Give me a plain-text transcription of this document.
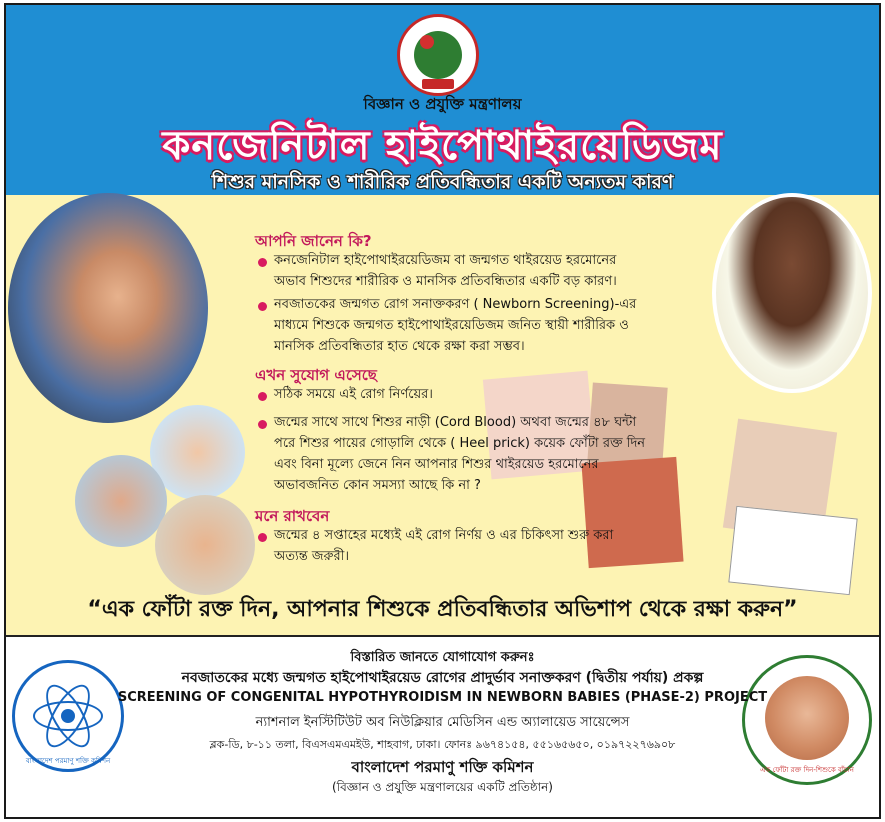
বিজ্ঞান ও প্রযুক্তি মন্ত্রণালয়
কনজেনিটাল হাইপোথাইরয়েডিজম
শিশুর মানসিক ও শারীরিক প্রতিবন্ধিতার একটি অন্যতম কারণ
আপনি জানেন কি?
কনজেনিটাল হাইপোথাইরয়েডিজম বা জন্মগত থাইরয়েড হরমোনের
অভাব শিশুদের শারীরিক ও মানসিক প্রতিবন্ধিতার একটি বড় কারণ।
নবজাতকের জন্মগত রোগ সনাক্তকরণ ( Newborn Screening)-এর
মাধ্যমে শিশুকে জন্মগত হাইপোথাইরয়েডিজম জনিত স্থায়ী শারীরিক ও
মানসিক প্রতিবন্ধিতার হাত থেকে রক্ষা করা সম্ভব।
এখন সুযোগ এসেছে
সঠিক সময়ে এই রোগ নির্ণয়ের।
জন্মের সাথে সাথে শিশুর নাড়ী (Cord Blood) অথবা জন্মের ৪৮ ঘন্টা
পরে শিশুর পায়ের গোড়ালি থেকে ( Heel prick) কয়েক ফোঁটা রক্ত দিন
এবং বিনা মূল্যে জেনে নিন আপনার শিশুর থাইরয়েড হরমোনের
অভাবজনিত কোন সমস্যা আছে কি না ?
মনে রাখবেন
জন্মের ৪ সপ্তাহের মধ্যেই এই রোগ নির্ণয় ও এর চিকিৎসা শুরু করা
অত্যন্ত জরুরী।
“এক ফোঁটা রক্ত দিন, আপনার শিশুকে প্রতিবন্ধিতার অভিশাপ থেকে রক্ষা করুন”
বাংলাদেশ পরমাণু শক্তি কমিশন
এক ফোঁটা রক্ত দিন-শিশুকে বাঁচান
বিস্তারিত জানতে যোগাযোগ করুনঃ
নবজাতকের মধ্যে জন্মগত হাইপোথাইরয়েড রোগের প্রাদুর্ভাব সনাক্তকরণ (দ্বিতীয় পর্যায়) প্রকল্প
SCREENING OF CONGENITAL HYPOTHYROIDISM IN NEWBORN BABIES (PHASE-2) PROJECT
ন্যাশনাল ইনস্টিটিউট অব নিউক্লিয়ার মেডিসিন এন্ড অ্যালায়েড সায়েন্সেস
ব্লক-ডি, ৮-১১ তলা, বিএসএমএমইউ, শাহবাগ, ঢাকা। ফোনঃ ৯৬৭৪১৫৪, ৫৫১৬৫৬৫০, ০১৯৭২২৭৬৯০৮
বাংলাদেশ পরমাণু শক্তি কমিশন
(বিজ্ঞান ও প্রযুক্তি মন্ত্রণালয়ের একটি প্রতিষ্ঠান)
